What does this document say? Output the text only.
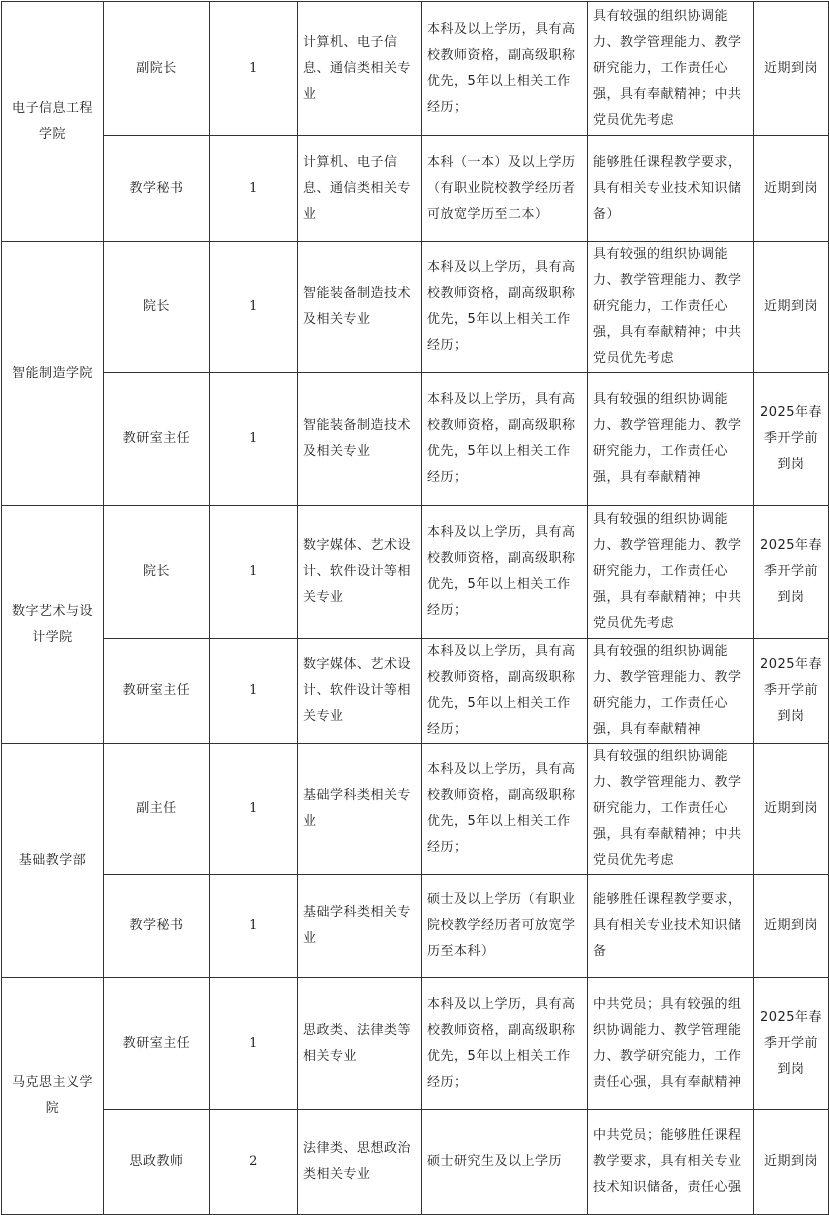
电子信息工程学院	副院长	1	计算机、电子信息、通信类相关专业	本科及以上学历，具有高校教师资格，副高级职称优先，5年以上相关工作经历；	具有较强的组织协调能力、教学管理能力、教学研究能力，工作责任心强，具有奉献精神；中共党员优先考虑	近期到岗
	教学秘书	1	计算机、电子信息、通信类相关专业	本科（一本）及以上学历（有职业院校教学经历者可放宽学历至二本）	能够胜任课程教学要求，具有相关专业技术知识储备）	近期到岗
智能制造学院	院长	1	智能装备制造技术及相关专业	本科及以上学历，具有高校教师资格，副高级职称优先，5年以上相关工作经历；	具有较强的组织协调能力、教学管理能力、教学研究能力，工作责任心强，具有奉献精神；中共党员优先考虑	近期到岗
	教研室主任	1	智能装备制造技术及相关专业	本科及以上学历，具有高校教师资格，副高级职称优先，5年以上相关工作经历；	具有较强的组织协调能力、教学管理能力、教学研究能力，工作责任心强，具有奉献精神	2025年春季开学前到岗
数字艺术与设计学院	院长	1	数字媒体、艺术设计、软件设计等相关专业	本科及以上学历，具有高校教师资格，副高级职称优先，5年以上相关工作经历；	具有较强的组织协调能力、教学管理能力、教学研究能力，工作责任心强，具有奉献精神；中共党员优先考虑	2025年春季开学前到岗
	教研室主任	1	数字媒体、艺术设计、软件设计等相关专业	本科及以上学历，具有高校教师资格，副高级职称优先，5年以上相关工作经历；	具有较强的组织协调能力、教学管理能力、教学研究能力，工作责任心强，具有奉献精神	2025年春季开学前到岗
基础教学部	副主任	1	基础学科类相关专业	本科及以上学历，具有高校教师资格，副高级职称优先，5年以上相关工作经历；	具有较强的组织协调能力、教学管理能力、教学研究能力，工作责任心强，具有奉献精神；中共党员优先考虑	近期到岗
	教学秘书	1	基础学科类相关专业	硕士及以上学历（有职业院校教学经历者可放宽学历至本科）	能够胜任课程教学要求，具有相关专业技术知识储备	近期到岗
马克思主义学院	教研室主任	1	思政类、法律类等相关专业	本科及以上学历，具有高校教师资格，副高级职称优先，5年以上相关工作经历；	中共党员；具有较强的组织协调能力、教学管理能力、教学研究能力，工作责任心强，具有奉献精神	2025年春季开学前到岗
	思政教师	2	法律类、思想政治类相关专业	硕士研究生及以上学历	中共党员；能够胜任课程教学要求，具有相关专业技术知识储备，责任心强	近期到岗
